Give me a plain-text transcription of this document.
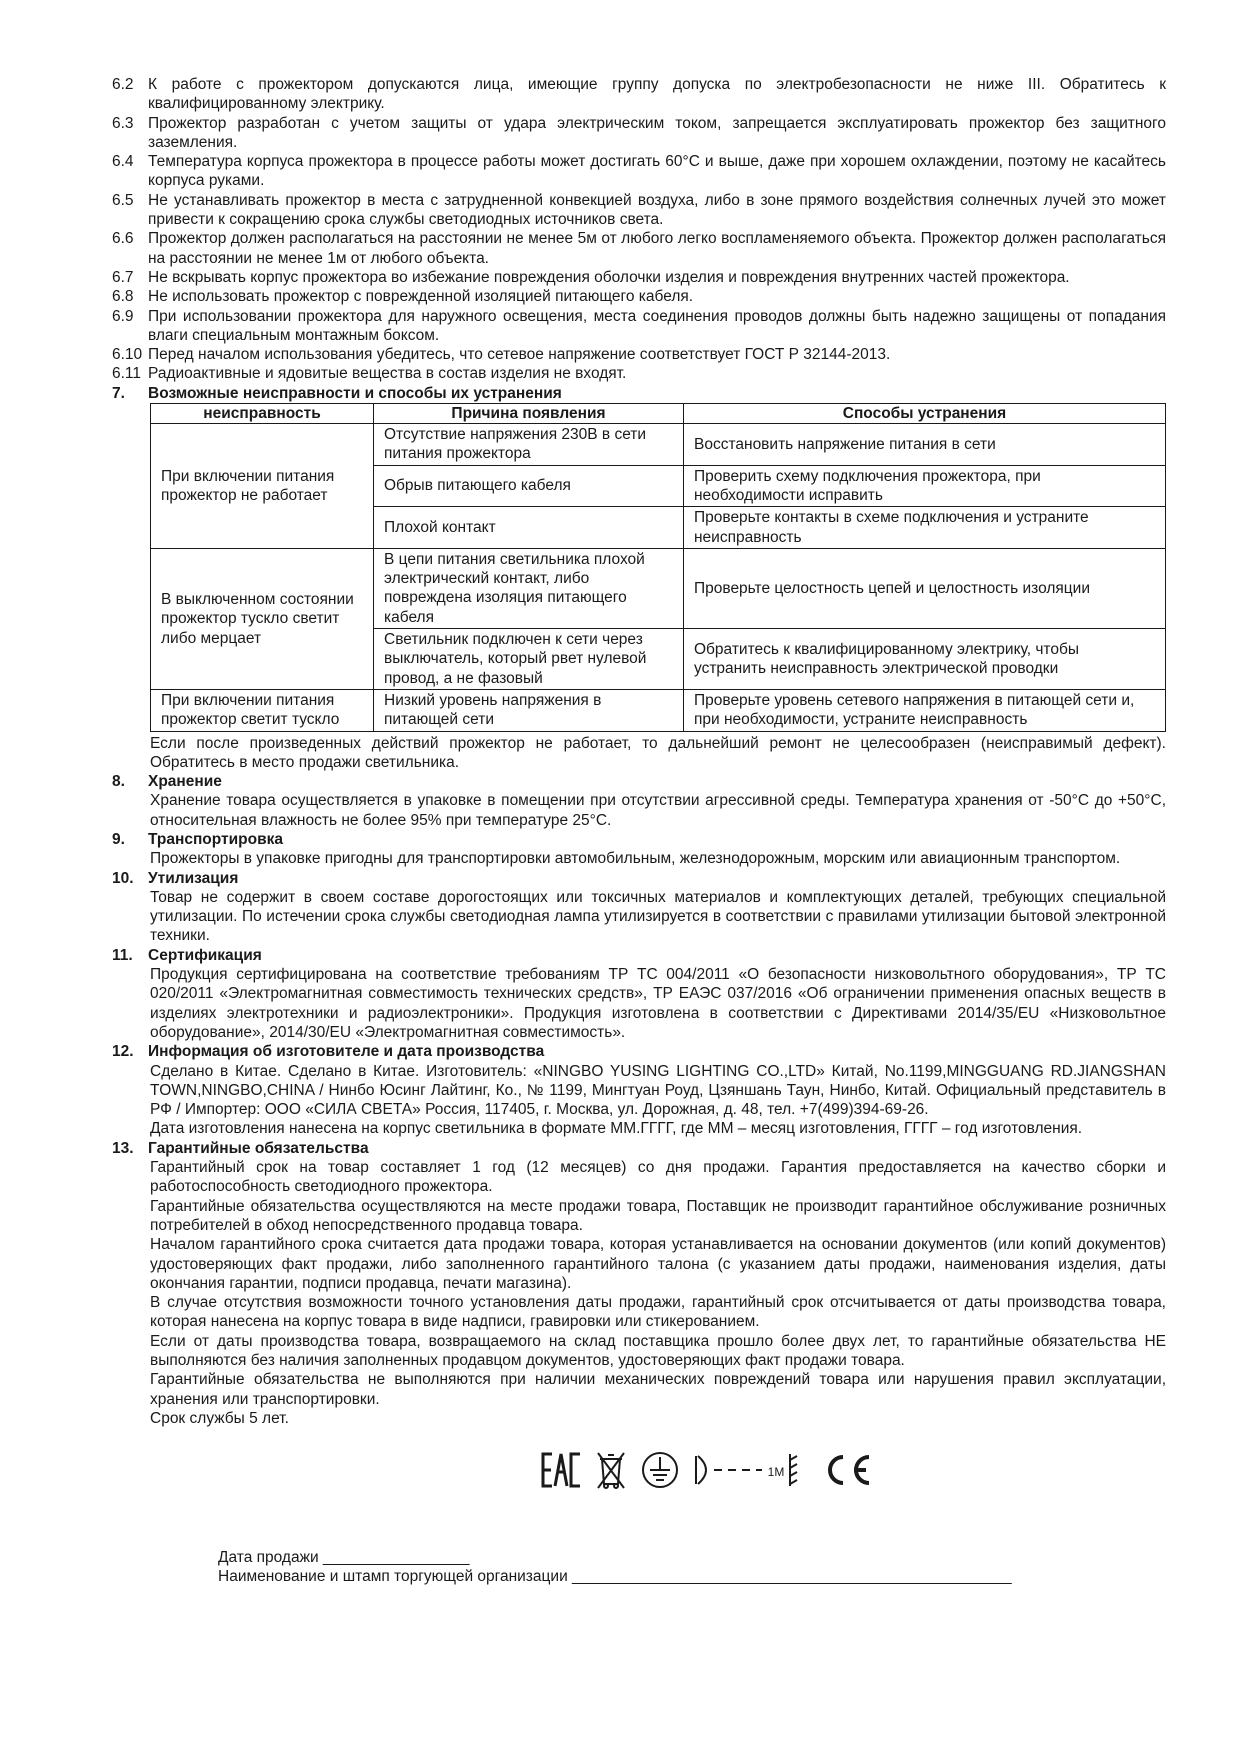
6.2 К работе с прожектором допускаются лица, имеющие группу допуска по электробезопасности не ниже III. Обратитесь к квалифицированному электрику.
6.3 Прожектор разработан с учетом защиты от удара электрическим током, запрещается эксплуатировать прожектор без защитного заземления.
6.4 Температура корпуса прожектора в процессе работы может достигать 60°С и выше, даже при хорошем охлаждении, поэтому не касайтесь корпуса руками.
6.5 Не устанавливать прожектор в места с затрудненной конвекцией воздуха, либо в зоне прямого воздействия солнечных лучей это может привести к сокращению срока службы светодиодных источников света.
6.6 Прожектор должен располагаться на расстоянии не менее 5м от любого легко воспламеняемого объекта. Прожектор должен располагаться на расстоянии не менее 1м от любого объекта.
6.7 Не вскрывать корпус прожектора во избежание повреждения оболочки изделия и повреждения внутренних частей прожектора.
6.8 Не использовать прожектор с поврежденной изоляцией питающего кабеля.
6.9 При использовании прожектора для наружного освещения, места соединения проводов должны быть надежно защищены от попадания влаги специальным монтажным боксом.
6.10 Перед началом использования убедитесь, что сетевое напряжение соответствует ГОСТ Р 32144-2013.
6.11 Радиоактивные и ядовитые вещества в состав изделия не входят.
7.	Возможные неисправности и способы их устранения
неисправность	Причина появления	Способы устранения
При включении питания прожектор не работает	Отсутствие напряжения 230В в сети питания прожектора	Восстановить напряжение питания в сети
	Обрыв питающего кабеля	Проверить схему подключения прожектора, при необходимости исправить
	Плохой контакт	Проверьте контакты в схеме подключения и устраните неисправность
В выключенном состоянии прожектор тускло светит либо мерцает	В цепи питания светильника плохой электрический контакт, либо повреждена изоляция питающего кабеля	Проверьте целостность цепей и целостность изоляции
	Светильник подключен к сети через выключатель, который рвет нулевой провод, а не фазовый	Обратитесь к квалифицированному электрику, чтобы устранить неисправность электрической проводки
При включении питания прожектор светит тускло	Низкий уровень напряжения в питающей сети	Проверьте уровень сетевого напряжения в питающей сети и, при необходимости, устраните неисправность
Если после произведенных действий прожектор не работает, то дальнейший ремонт не целесообразен (неисправимый дефект). Обратитесь в место продажи светильника.
8.	Хранение
Хранение товара осуществляется в упаковке в помещении при отсутствии агрессивной среды. Температура хранения от -50°С до +50°С, относительная влажность не более 95% при температуре 25°С.
9.	Транспортировка
Прожекторы в упаковке пригодны для транспортировки автомобильным, железнодорожным, морским или авиационным транспортом.
10. Утилизация
Товар не содержит в своем составе дорогостоящих или токсичных материалов и комплектующих деталей, требующих специальной утилизации. По истечении срока службы светодиодная лампа утилизируется в соответствии с правилами утилизации бытовой электронной техники.
11. Сертификация
Продукция сертифицирована на соответствие требованиям ТР ТС 004/2011 «О безопасности низковольтного оборудования», ТР ТС 020/2011 «Электромагнитная совместимость технических средств», ТР ЕАЭС 037/2016 «Об ограничении применения опасных веществ в изделиях электротехники и радиоэлектроники». Продукция изготовлена в соответствии с Директивами 2014/35/EU «Низковольтное оборудование», 2014/30/EU «Электромагнитная совместимость».
12. Информация об изготовителе и дата производства
Сделано в Китае. Сделано в Китае. Изготовитель: «NINGBO YUSING LIGHTING CO.,LTD» Китай, No.1199,MINGGUANG RD.JIANGSHAN TOWN,NINGBO,CHINA / Нинбо Юсинг Лайтинг, Ко., № 1199, Мингтуан Роуд, Цзяншань Таун, Нинбо, Китай. Официальный представитель в РФ / Импортер: ООО «СИЛА СВЕТА» Россия, 117405, г. Москва, ул. Дорожная, д. 48, тел. +7(499)394-69-26.
Дата изготовления нанесена на корпус светильника в формате ММ.ГГГГ, где ММ – месяц изготовления, ГГГГ – год изготовления.
13. Гарантийные обязательства
Гарантийный срок на товар составляет 1 год (12 месяцев) со дня продажи. Гарантия предоставляется на качество сборки и работоспособность светодиодного прожектора.
Гарантийные обязательства осуществляются на месте продажи товара, Поставщик не производит гарантийное обслуживание розничных потребителей в обход непосредственного продавца товара.
Началом гарантийного срока считается дата продажи товара, которая устанавливается на основании документов (или копий документов) удостоверяющих факт продажи, либо заполненного гарантийного талона (с указанием даты продажи, наименования изделия, даты окончания гарантии, подписи продавца, печати магазина).
В случае отсутствия возможности точного установления даты продажи, гарантийный срок отсчитывается от даты производства товара, которая нанесена на корпус товара в виде надписи, гравировки или стикерованием.
Если от даты производства товара, возвращаемого на склад поставщика прошло более двух лет, то гарантийные обязательства НЕ выполняются без наличия заполненных продавцом документов, удостоверяющих факт продажи товара.
Гарантийные обязательства не выполняются при наличии механических повреждений товара или нарушения правил эксплуатации, хранения или транспортировки.
Срок службы 5 лет.
1M
Дата продажи _________________
Наименование и штамп торгующей организации ___________________________________________________
